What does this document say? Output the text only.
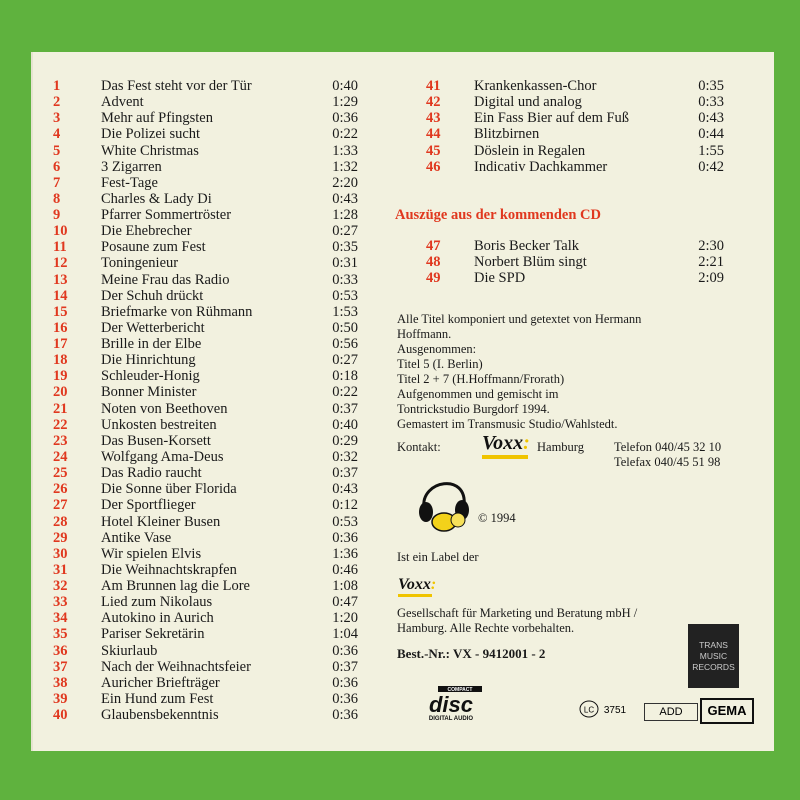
1	Das Fest steht vor der Tür	0:40
2	Advent	1:29
3	Mehr auf Pfingsten	0:36
4	Die Polizei sucht	0:22
5	White Christmas	1:33
6	3 Zigarren	1:32
7	Fest-Tage	2:20
8	Charles & Lady Di	0:43
9	Pfarrer Sommertröster	1:28
10	Die Ehebrecher	0:27
11	Posaune zum Fest	0:35
12	Toningenieur	0:31
13	Meine Frau das Radio	0:33
14	Der Schuh drückt	0:53
15	Briefmarke von Rühmann	1:53
16	Der Wetterbericht	0:50
17	Brille in der Elbe	0:56
18	Die Hinrichtung	0:27
19	Schleuder-Honig	0:18
20	Bonner Minister	0:22
21	Noten von Beethoven	0:37
22	Unkosten bestreiten	0:40
23	Das Busen-Korsett	0:29
24	Wolfgang Ama-Deus	0:32
25	Das Radio raucht	0:37
26	Die Sonne über Florida	0:43
27	Der Sportflieger	0:12
28	Hotel Kleiner Busen	0:53
29	Antike Vase	0:36
30	Wir spielen Elvis	1:36
31	Die Weihnachtskrapfen	0:46
32	Am Brunnen lag die Lore	1:08
33	Lied zum Nikolaus	0:47
34	Autokino in Aurich	1:20
35	Pariser Sekretärin	1:04
36	Skiurlaub	0:36
37	Nach der Weihnachtsfeier	0:37
38	Auricher Briefträger	0:36
39	Ein Hund zum Fest	0:36
40	Glaubensbekenntnis	0:36
41	Krankenkassen-Chor	0:35
42	Digital und analog	0:33
43	Ein Fass Bier auf dem Fuß	0:43
44	Blitzbirnen	0:44
45	Döslein in Regalen	1:55
46	Indicativ Dachkammer	0:42
Auszüge aus der kommenden CD
47	Boris Becker Talk	2:30
48	Norbert Blüm singt	2:21
49	Die SPD	2:09
Alle Titel komponiert und getextet von Hermann
Hoffmann.
Ausgenommen:
Titel 5 (I. Berlin)
Titel 2 + 7 (H.Hoffmann/Frorath)
Aufgenommen und gemischt im
Tontrickstudio Burgdorf 1994.
Gemastert im Transmusic Studio/Wahlstedt.
Kontakt: Voxx: Hamburg Telefon 040/45 32 10
Telefax 040/45 51 98
© 1994
Ist ein Label der
Voxx:
Gesellschaft für Marketing und Beratung mbH /
Hamburg. Alle Rechte vorbehalten.
Best.-Nr.: VX - 9412001 - 2
TRANS
MUSIC
RECORDS
COMPACT
disc
DIGITAL AUDIO
LC 3751	ADD	GEMA
